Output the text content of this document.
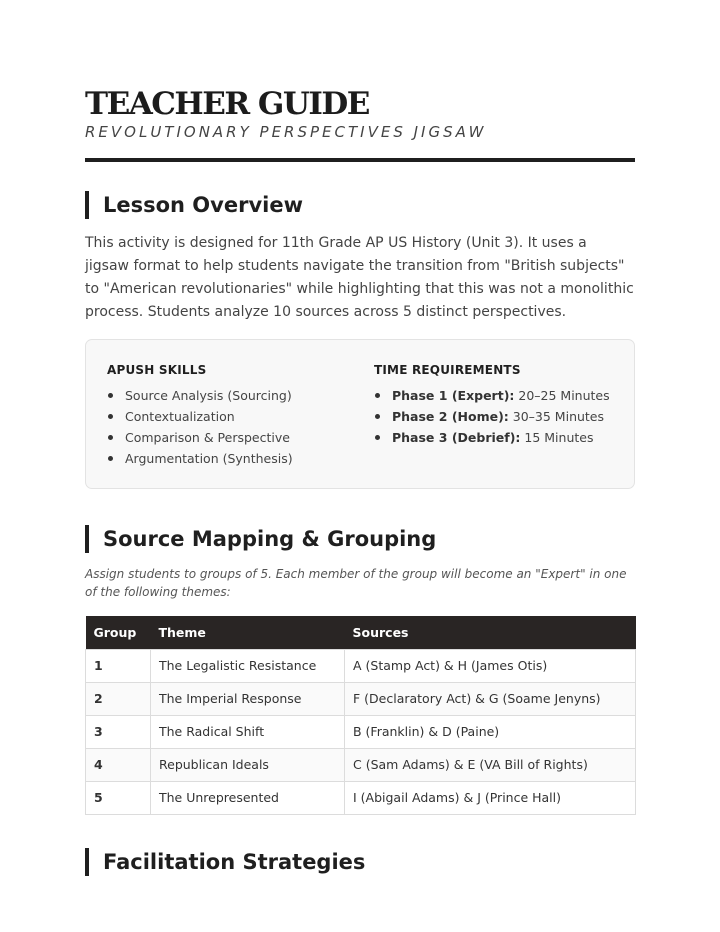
TEACHER GUIDE
REVOLUTIONARY PERSPECTIVES JIGSAW
Lesson Overview
This activity is designed for 11th Grade AP US History (Unit 3). It uses a jigsaw format to help students navigate the transition from "British subjects" to "American revolutionaries" while highlighting that this was not a monolithic process. Students analyze 10 sources across 5 distinct perspectives.
APUSH SKILLS
Source Analysis (Sourcing)
Contextualization
Comparison & Perspective
Argumentation (Synthesis)
TIME REQUIREMENTS
Phase 1 (Expert): 20–25 Minutes
Phase 2 (Home): 30–35 Minutes
Phase 3 (Debrief): 15 Minutes
Source Mapping & Grouping
Assign students to groups of 5. Each member of the group will become an "Expert" in one of the following themes:
Group	Theme	Sources
1	The Legalistic Resistance	A (Stamp Act) & H (James Otis)
2	The Imperial Response	F (Declaratory Act) & G (Soame Jenyns)
3	The Radical Shift	B (Franklin) & D (Paine)
4	Republican Ideals	C (Sam Adams) & E (VA Bill of Rights)
5	The Unrepresented	I (Abigail Adams) & J (Prince Hall)
Facilitation Strategies
